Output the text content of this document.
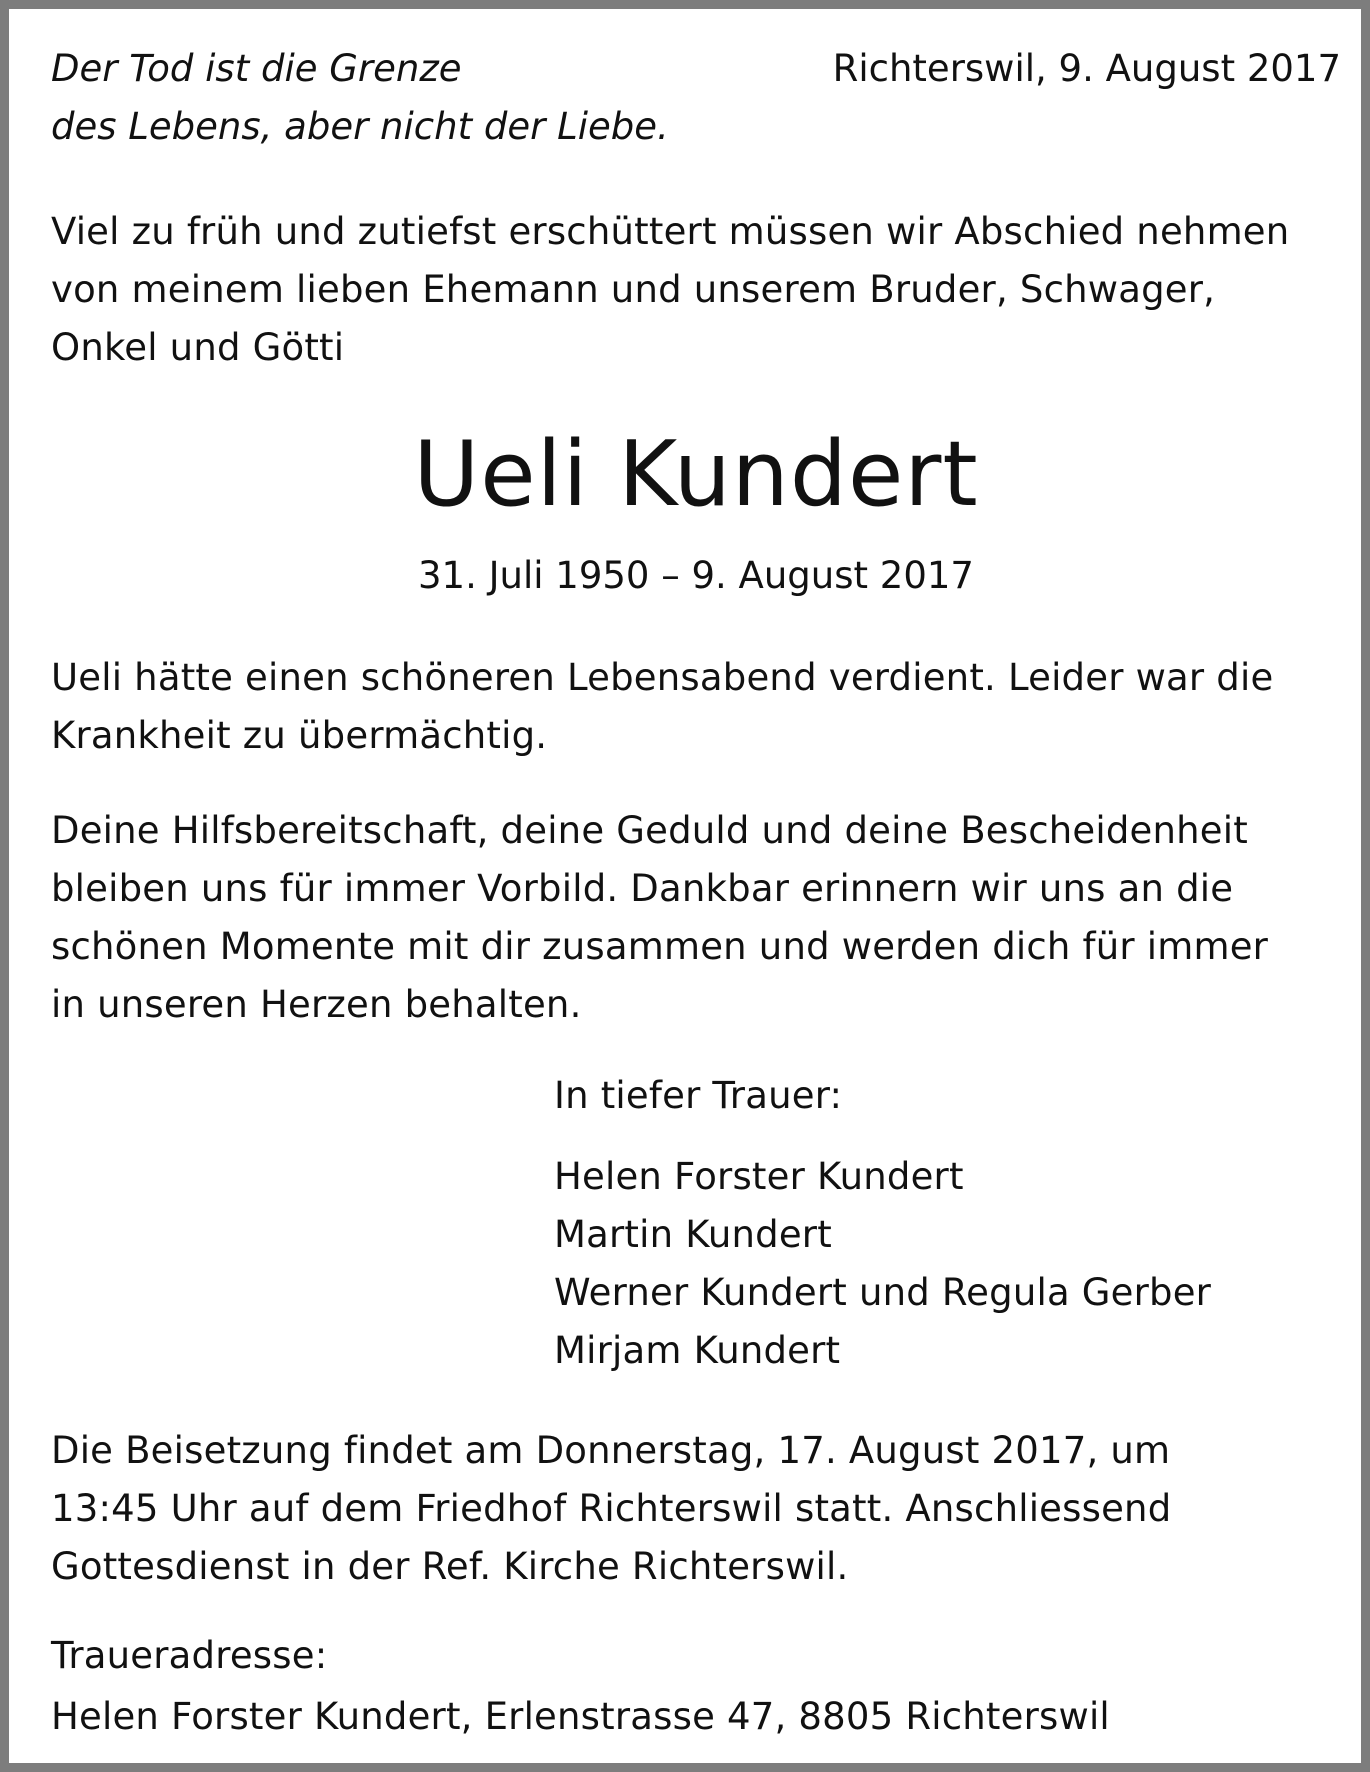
Der Tod ist die Grenze
des Lebens, aber nicht der Liebe.
Richterswil, 9. August 2017
Viel zu früh und zutiefst erschüttert müssen wir Abschied nehmen
von meinem lieben Ehemann und unserem Bruder, Schwager,
Onkel und Götti
Ueli Kundert
31. Juli 1950 – 9. August 2017
Ueli hätte einen schöneren Lebensabend verdient. Leider war die
Krankheit zu übermächtig.
Deine Hilfsbereitschaft, deine Geduld und deine Bescheidenheit
bleiben uns für immer Vorbild. Dankbar erinnern wir uns an die
schönen Momente mit dir zusammen und werden dich für immer
in unseren Herzen behalten.
In tiefer Trauer:
Helen Forster Kundert
Martin Kundert
Werner Kundert und Regula Gerber
Mirjam Kundert
Die Beisetzung findet am Donnerstag, 17. August 2017, um
13:45 Uhr auf dem Friedhof Richterswil statt. Anschliessend
Gottesdienst in der Ref. Kirche Richterswil.
Traueradresse:
Helen Forster Kundert, Erlenstrasse 47, 8805 Richterswil
